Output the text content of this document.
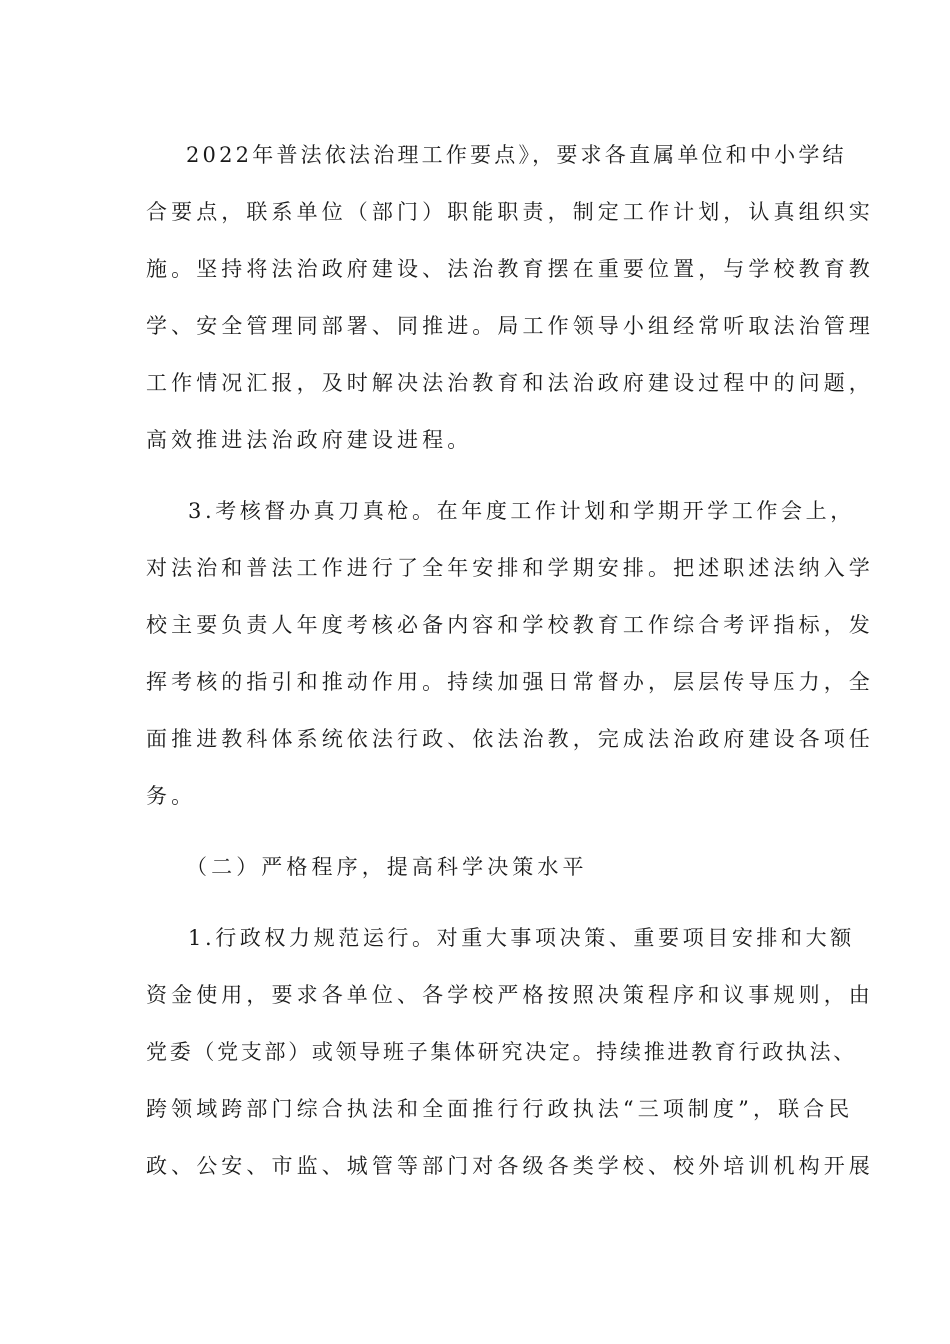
2022年普法依法治理工作要点》，要求各直属单位和中小学结

合要点，联系单位（部门）职能职责，制定工作计划，认真组织实

施。坚持将法治政府建设、法治教育摆在重要位置，与学校教育教

学、安全管理同部署、同推进。局工作领导小组经常听取法治管理

工作情况汇报，及时解决法治教育和法治政府建设过程中的问题，

高效推进法治政府建设进程。

3.考核督办真刀真枪。在年度工作计划和学期开学工作会上，

对法治和普法工作进行了全年安排和学期安排。把述职述法纳入学

校主要负责人年度考核必备内容和学校教育工作综合考评指标，发

挥考核的指引和推动作用。持续加强日常督办，层层传导压力，全

面推进教科体系统依法行政、依法治教，完成法治政府建设各项任

务。

（二）严格程序，提高科学决策水平

1.行政权力规范运行。对重大事项决策、重要项目安排和大额

资金使用，要求各单位、各学校严格按照决策程序和议事规则，由

党委（党支部）或领导班子集体研究决定。持续推进教育行政执法、

跨领域跨部门综合执法和全面推行行政执法“三项制度”，联合民

政、公安、市监、城管等部门对各级各类学校、校外培训机构开展
